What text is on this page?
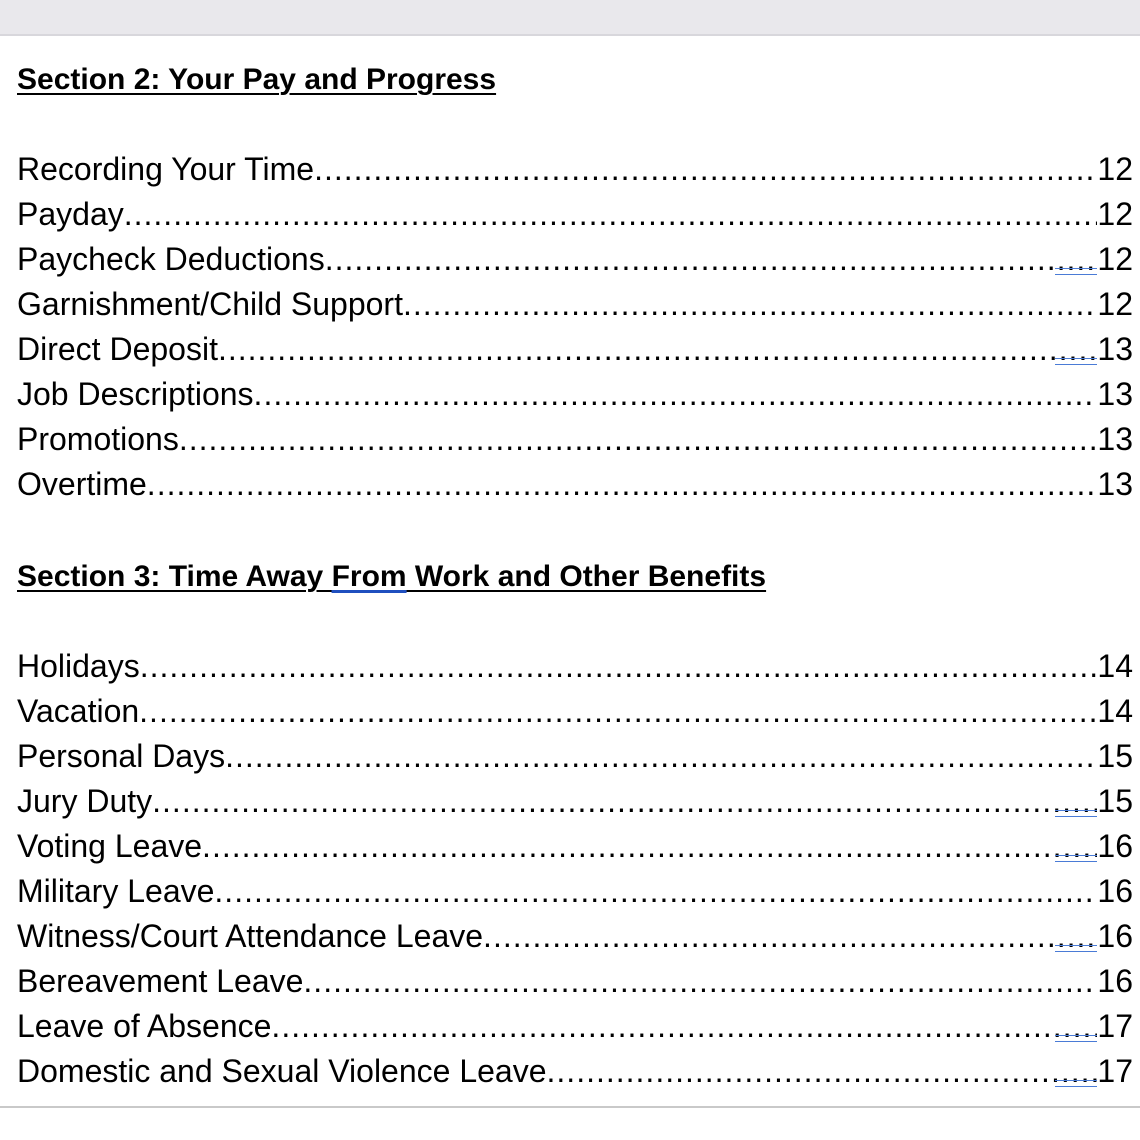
Section 2: Your Pay and Progress
Recording Your Time .....	12
Payday .....	12
Paycheck Deductions .....	12
Garnishment/Child Support .....	12
Direct Deposit .....	13
Job Descriptions .....	13
Promotions .....	13
Overtime .....	13
Section 3: Time Away From Work and Other Benefits
Holidays .....	14
Vacation .....	14
Personal Days .....	15
Jury Duty .....	15
Voting Leave .....	16
Military Leave .....	16
Witness/Court Attendance Leave .....	16
Bereavement Leave .....	16
Leave of Absence .....	17
Domestic and Sexual Violence Leave .....	17
